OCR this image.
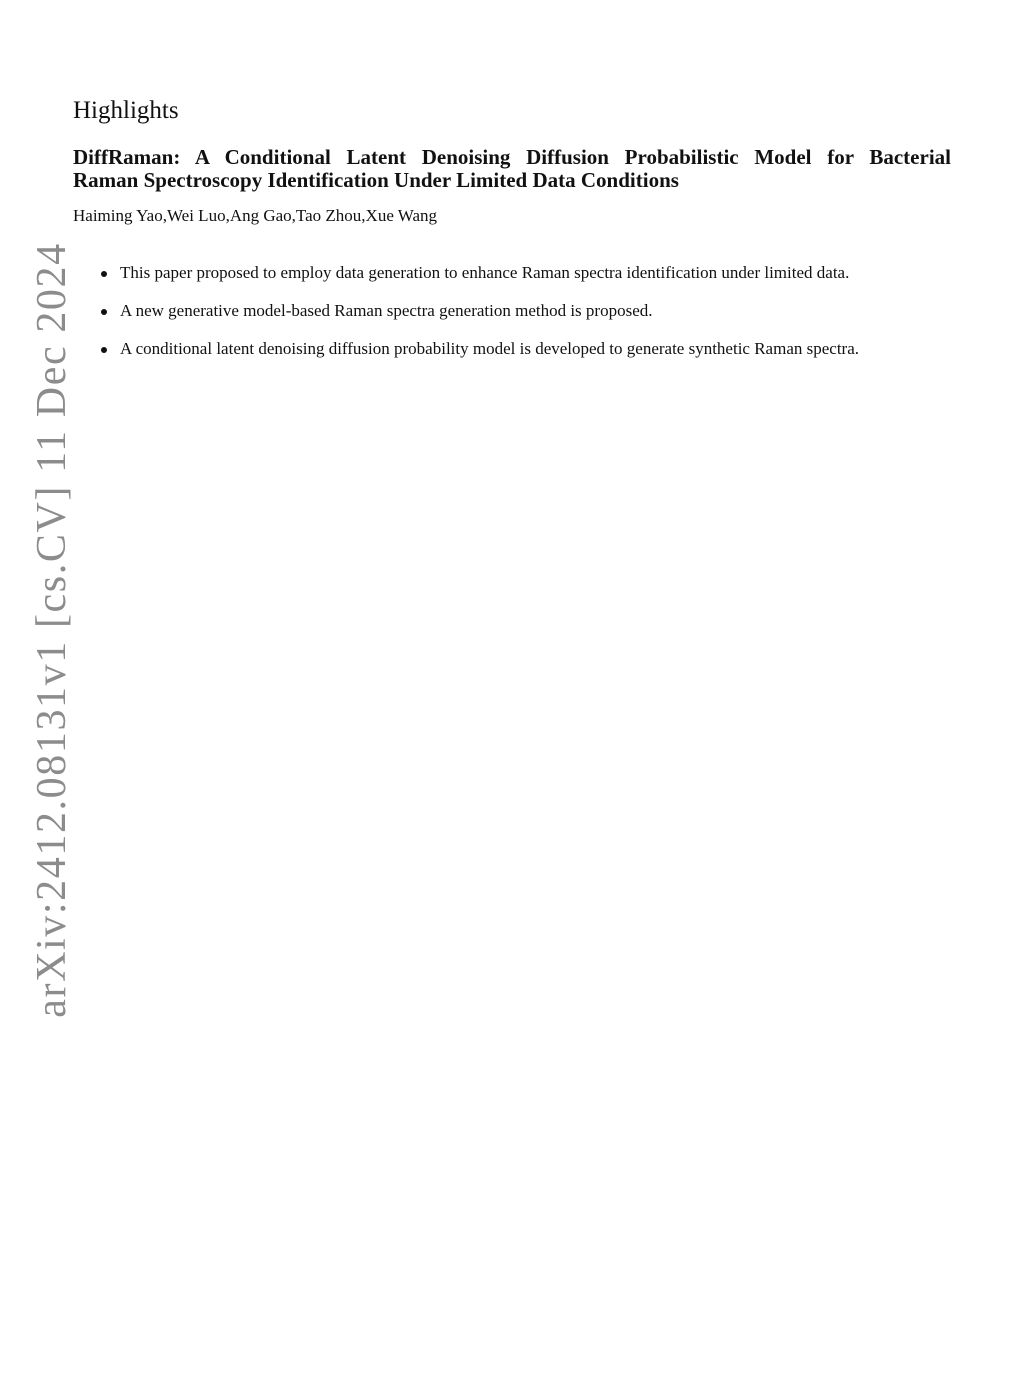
arXiv:2412.08131v1 [cs.CV] 11 Dec 2024
Highlights
DiffRaman: A Conditional Latent Denoising Diffusion Probabilistic Model for Bacterial
Raman Spectroscopy Identification Under Limited Data Conditions

Haiming Yao,Wei Luo,Ang Gao,Tao Zhou,Xue Wang

This paper proposed to employ data generation to enhance Raman spectra identification under limited data.
A new generative model-based Raman spectra generation method is proposed.
A conditional latent denoising diffusion probability model is developed to generate synthetic Raman spectra.
